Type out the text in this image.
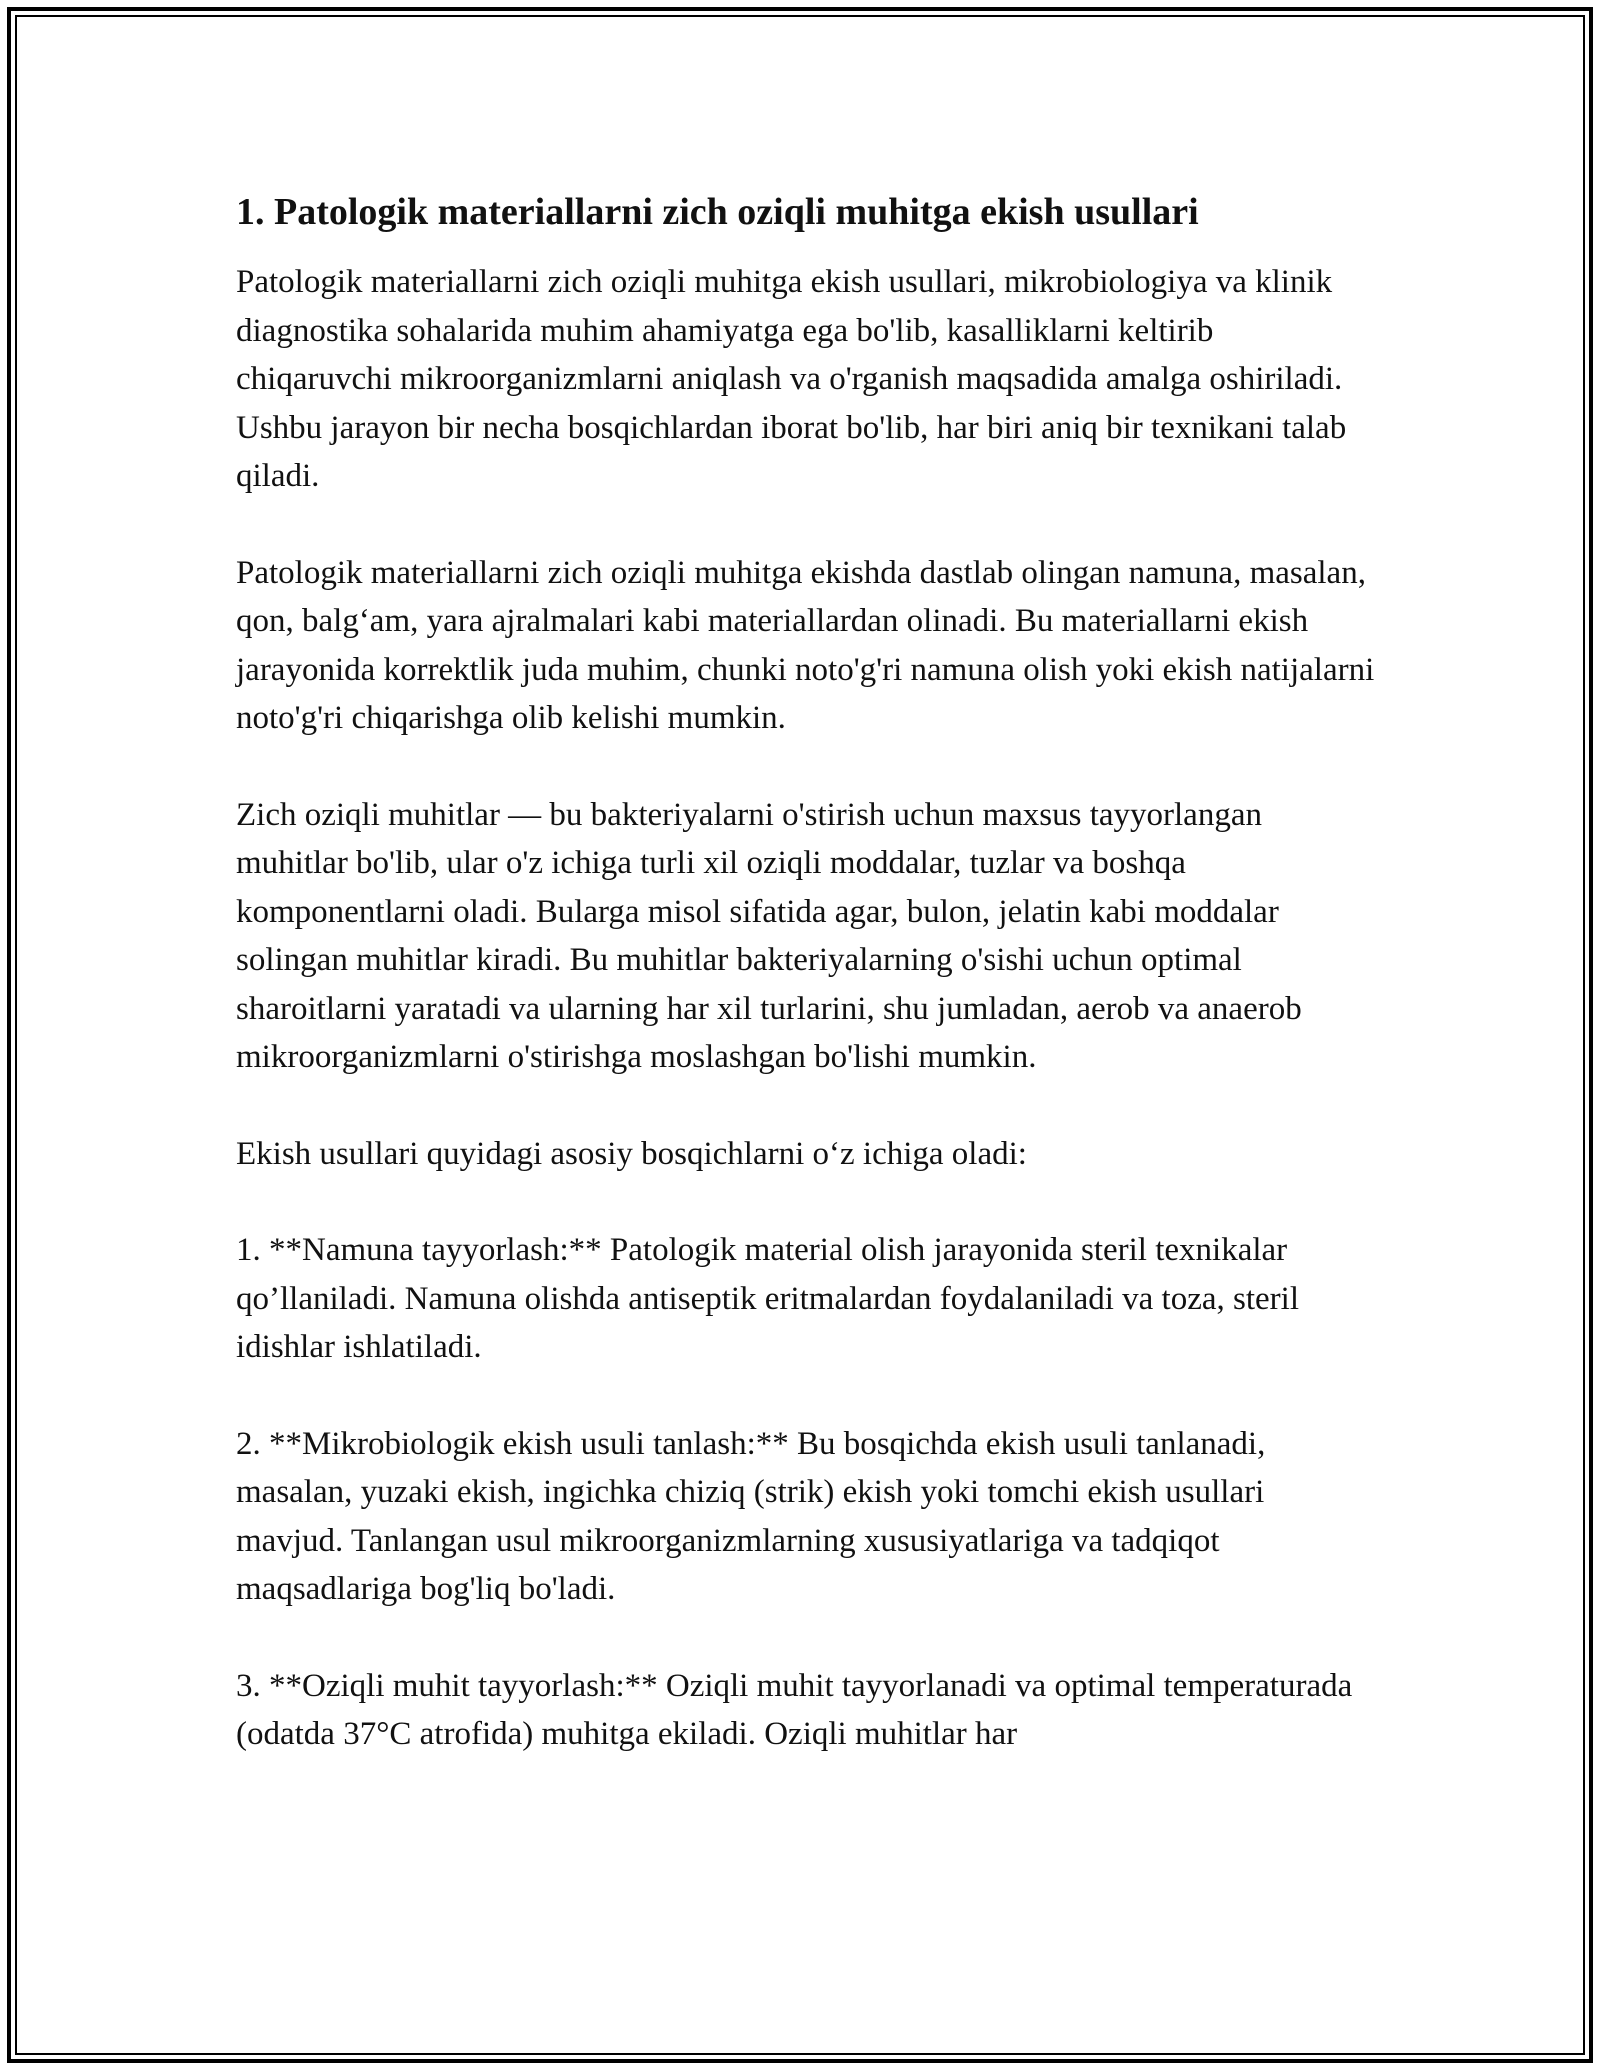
1. Patologik materiallarni zich oziqli muhitga ekish usullari

Patologik materiallarni zich oziqli muhitga ekish usullari, mikrobiologiya va klinik diagnostika sohalarida muhim ahamiyatga ega bo'lib, kasalliklarni keltirib chiqaruvchi mikroorganizmlarni aniqlash va o'rganish maqsadida amalga oshiriladi. Ushbu jarayon bir necha bosqichlardan iborat bo'lib, har biri aniq bir texnikani talab qiladi.

Patologik materiallarni zich oziqli muhitga ekishda dastlab olingan namuna, masalan, qon, balg‘am, yara ajralmalari kabi materiallardan olinadi. Bu materiallarni ekish jarayonida korrektlik juda muhim, chunki noto'g'ri namuna olish yoki ekish natijalarni noto'g'ri chiqarishga olib kelishi mumkin.

Zich oziqli muhitlar — bu bakteriyalarni o'stirish uchun maxsus tayyorlangan muhitlar bo'lib, ular o'z ichiga turli xil oziqli moddalar, tuzlar va boshqa komponentlarni oladi. Bularga misol sifatida agar, bulon, jelatin kabi moddalar solingan muhitlar kiradi. Bu muhitlar bakteriyalarning o'sishi uchun optimal sharoitlarni yaratadi va ularning har xil turlarini, shu jumladan, aerob va anaerob mikroorganizmlarni o'stirishga moslashgan bo'lishi mumkin.

Ekish usullari quyidagi asosiy bosqichlarni o‘z ichiga oladi:

1. **Namuna tayyorlash:** Patologik material olish jarayonida steril texnikalar qo’llaniladi. Namuna olishda antiseptik eritmalardan foydalaniladi va toza, steril idishlar ishlatiladi.

2. **Mikrobiologik ekish usuli tanlash:** Bu bosqichda ekish usuli tanlanadi, masalan, yuzaki ekish, ingichka chiziq (strik) ekish yoki tomchi ekish usullari mavjud. Tanlangan usul mikroorganizmlarning xususiyatlariga va tadqiqot maqsadlariga bog'liq bo'ladi.

3. **Oziqli muhit tayyorlash:** Oziqli muhit tayyorlanadi va optimal temperaturada (odatda 37°C atrofida) muhitga ekiladi. Oziqli muhitlar har
